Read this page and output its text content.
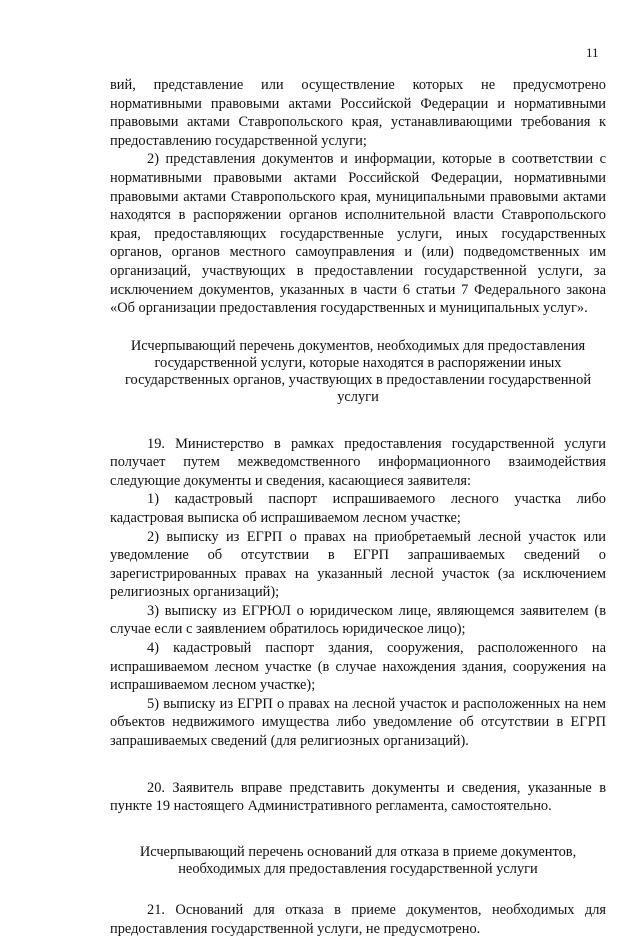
11

вий, представление или осуществление которых не предусмотрено нормативными правовыми актами Российской Федерации и нормативными правовыми актами Ставропольского края, устанавливающими требования к предоставлению государственной услуги;

2) представления документов и информации, которые в соответствии с нормативными правовыми актами Российской Федерации, нормативными правовыми актами Ставропольского края, муниципальными правовыми актами находятся в распоряжении органов исполнительной власти Ставропольского края, предоставляющих государственные услуги, иных государственных органов, органов местного самоуправления и (или) подведомственных им организаций, участвующих в предоставлении государственной услуги, за исключением документов, указанных в части 6 статьи 7 Федерального закона «Об организации предоставления государственных и муниципальных услуг».

Исчерпывающий перечень документов, необходимых для предоставления государственной услуги, которые находятся в распоряжении иных государственных органов, участвующих в предоставлении государственной услуги

19. Министерство в рамках предоставления государственной услуги получает путем межведомственного информационного взаимодействия следующие документы и сведения, касающиеся заявителя:

1) кадастровый паспорт испрашиваемого лесного участка либо кадастровая выписка об испрашиваемом лесном участке;

2) выписку из ЕГРП о правах на приобретаемый лесной участок или уведомление об отсутствии в ЕГРП запрашиваемых сведений о зарегистрированных правах на указанный лесной участок (за исключением религиозных организаций);

3) выписку из ЕГРЮЛ о юридическом лице, являющемся заявителем (в случае если с заявлением обратилось юридическое лицо);

4) кадастровый паспорт здания, сооружения, расположенного на испрашиваемом лесном участке (в случае нахождения здания, сооружения на испрашиваемом лесном участке);

5) выписку из ЕГРП о правах на лесной участок и расположенных на нем объектов недвижимого имущества либо уведомление об отсутствии в ЕГРП запрашиваемых сведений (для религиозных организаций).

20. Заявитель вправе представить документы и сведения, указанные в пункте 19 настоящего Административного регламента, самостоятельно.

Исчерпывающий перечень оснований для отказа в приеме документов, необходимых для предоставления государственной услуги

21. Оснований для отказа в приеме документов, необходимых для предоставления государственной услуги, не предусмотрено.
